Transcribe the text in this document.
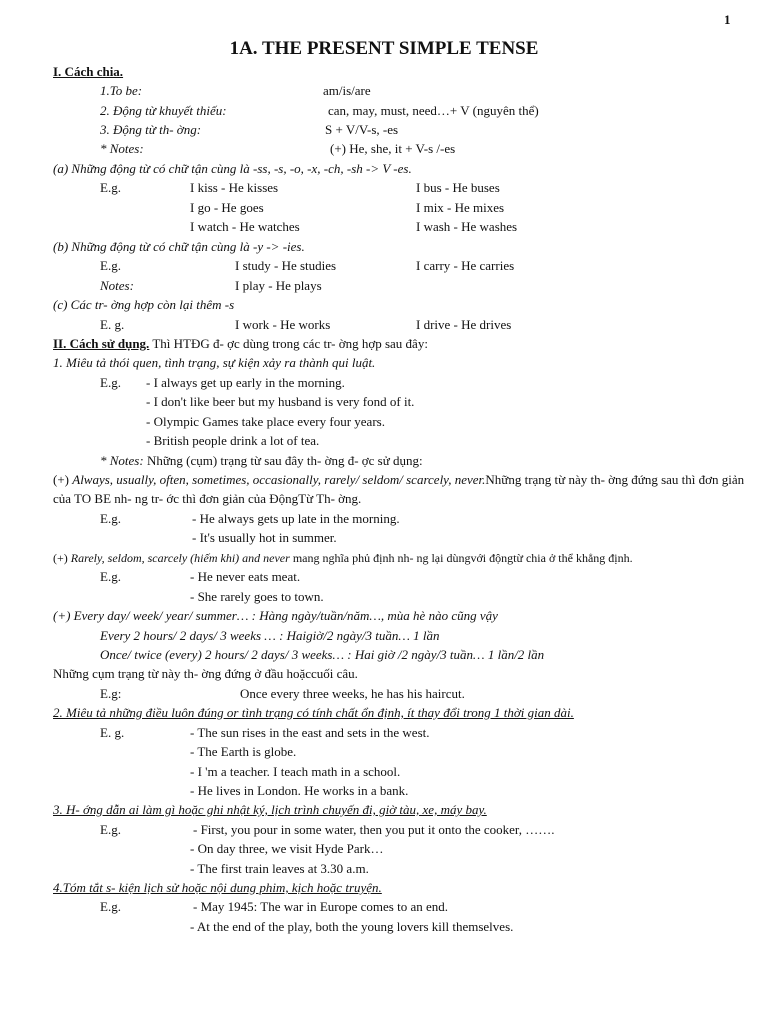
1
1A. THE PRESENT SIMPLE TENSE
I. Cách chia.
1.To be:	am/is/are
2. Động từ khuyết thiếu:	can, may, must, need…+ V (nguyên thể)
3. Động từ th- ờng:	S + V/V-s, -es
* Notes:	(+) He, she, it + V-s /-es
(a) Những động từ có chữ tận cùng là -ss, -s, -o, -x, -ch, -sh -> V -es.
E.g.	I kiss - He kisses	I bus - He buses
I go - He goes	I mix - He mixes
I watch - He watches	I wash - He washes
(b) Những động từ có chữ tận cùng là -y -> -ies.
E.g.	I study - He studies	I carry - He carries
Notes:	I play - He plays
(c) Các tr- ờng hợp còn lại thêm -s
E. g.	I work - He works	I drive - He drives
II. Cách sử dụng. Thì HTĐG đ- ợc dùng trong các tr- ờng hợp sau đây:
1. Miêu tả thói quen, tình trạng, sự kiện xảy ra thành qui luật.
E.g. - I always get up early in the morning.
- I don't like beer but my husband is very fond of it.
- Olympic Games take place every four years.
- British people drink a lot of tea.
* Notes: Những (cụm) trạng từ sau đây th- ờng đ- ợc sử dụng:
(+) Always, usually, often, sometimes, occasionally, rarely/ seldom/ scarcely, never.Những trạng từ này th- ờng đứng sau thì đơn giản của TO BE nh- ng tr- ớc thì đơn giản của ĐộngTừ Th- ờng.
E.g.	- He always gets up late in the morning.
- It's usually hot in summer.
(+) Rarely, seldom, scarcely (hiếm khi) and never mang nghĩa phủ định nh- ng lại dùngvới độngtừ chia ở thể khẳng định.
E.g.	- He never eats meat.
- She rarely goes to town.
(+) Every day/ week/ year/ summer… : Hàng ngày/tuần/năm…, mùa hè nào cũng vậy
Every 2 hours/ 2 days/ 3 weeks … : Haigiờ/2 ngày/3 tuần… 1 lần
Once/ twice (every) 2 hours/ 2 days/ 3 weeks… : Hai giờ /2 ngày/3 tuần… 1 lần/2 lần
Những cụm trạng từ này th- ờng đứng ở đầu hoặccuối câu.
E.g:	Once every three weeks, he has his haircut.
2. Miêu tả những điều luôn đúng or tình trạng có tính chất ổn định, ít thay đổi trong 1 thời gian dài.
E. g.	- The sun rises in the east and sets in the west.
- The Earth is globe.
- I 'm a teacher. I teach math in a school.
- He lives in London. He works in a bank.
3. H- ớng dẫn ai làm gì hoặc ghi nhật ký, lịch trình chuyến đi, giờ tàu, xe, máy bay.
E.g.	- First, you pour in some water, then you put it onto the cooker, …….
- On day three, we visit Hyde Park…
- The first train leaves at 3.30 a.m.
4.Tóm tắt s- kiện lịch sử hoặc nội dung phim, kịch hoặc truyện.
E.g.	- May 1945: The war in Europe comes to an end.
- At the end of the play, both the young lovers kill themselves.
